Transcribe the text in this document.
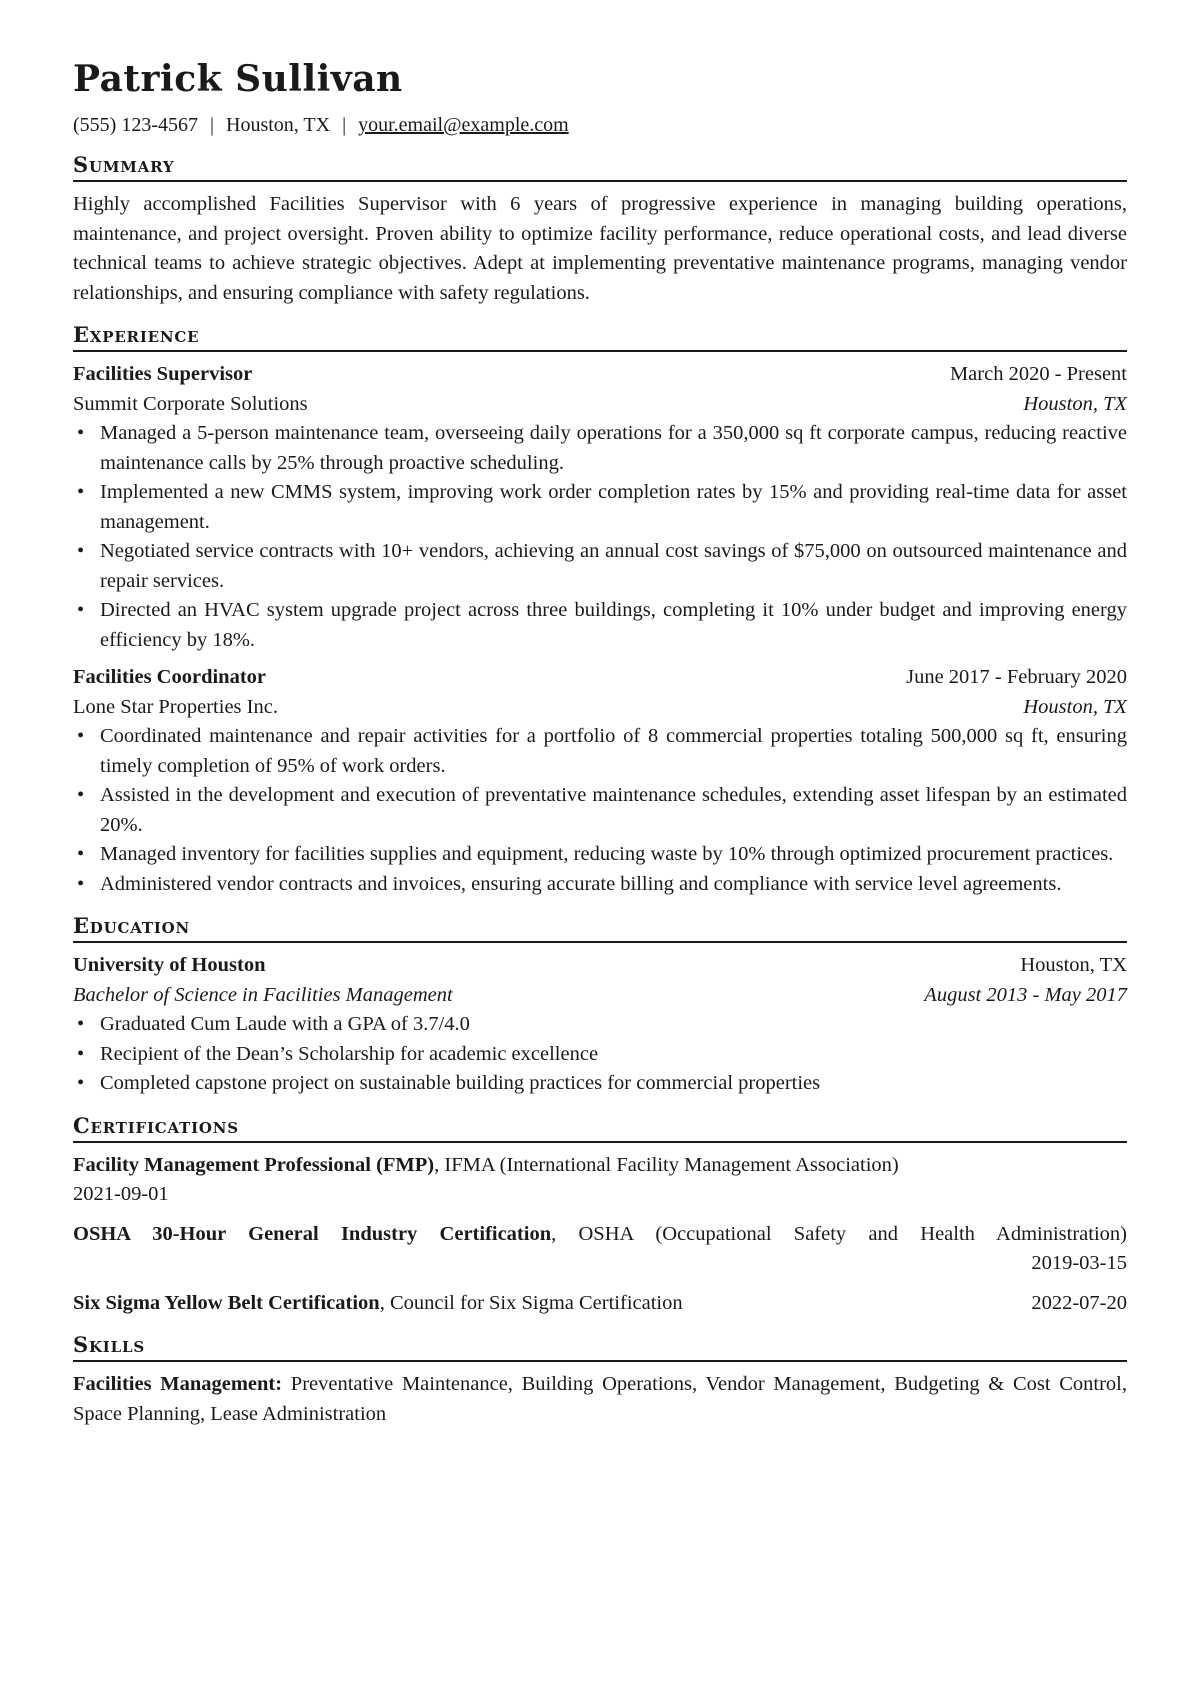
Patrick Sullivan
(555) 123-4567 | Houston, TX | your.email@example.com
Summary
Highly accomplished Facilities Supervisor with 6 years of progressive experience in managing building operations, maintenance, and project oversight. Proven ability to optimize facility performance, reduce operational costs, and lead diverse technical teams to achieve strategic objectives. Adept at implementing preventative maintenance programs, managing vendor relationships, and ensuring compliance with safety regulations.
Experience
Facilities Supervisor	March 2020 - Present
Summit Corporate Solutions	Houston, TX
• Managed a 5-person maintenance team, overseeing daily operations for a 350,000 sq ft corporate campus, reducing reactive maintenance calls by 25% through proactive scheduling.
• Implemented a new CMMS system, improving work order completion rates by 15% and providing real-time data for asset management.
• Negotiated service contracts with 10+ vendors, achieving an annual cost savings of $75,000 on outsourced maintenance and repair services.
• Directed an HVAC system upgrade project across three buildings, completing it 10% under budget and improving energy efficiency by 18%.
Facilities Coordinator	June 2017 - February 2020
Lone Star Properties Inc.	Houston, TX
• Coordinated maintenance and repair activities for a portfolio of 8 commercial properties totaling 500,000 sq ft, ensuring timely completion of 95% of work orders.
• Assisted in the development and execution of preventative maintenance schedules, extending asset lifespan by an estimated 20%.
• Managed inventory for facilities supplies and equipment, reducing waste by 10% through optimized procurement practices.
• Administered vendor contracts and invoices, ensuring accurate billing and compliance with service level agreements.
Education
University of Houston	Houston, TX
Bachelor of Science in Facilities Management	August 2013 - May 2017
• Graduated Cum Laude with a GPA of 3.7/4.0
• Recipient of the Dean’s Scholarship for academic excellence
• Completed capstone project on sustainable building practices for commercial properties
Certifications
Facility Management Professional (FMP), IFMA (International Facility Management Association)
2021-09-01
OSHA 30-Hour General Industry Certification, OSHA (Occupational Safety and Health Administration)
2019-03-15
Six Sigma Yellow Belt Certification, Council for Six Sigma Certification	2022-07-20
Skills
Facilities Management: Preventative Maintenance, Building Operations, Vendor Management, Budgeting & Cost Control, Space Planning, Lease Administration
